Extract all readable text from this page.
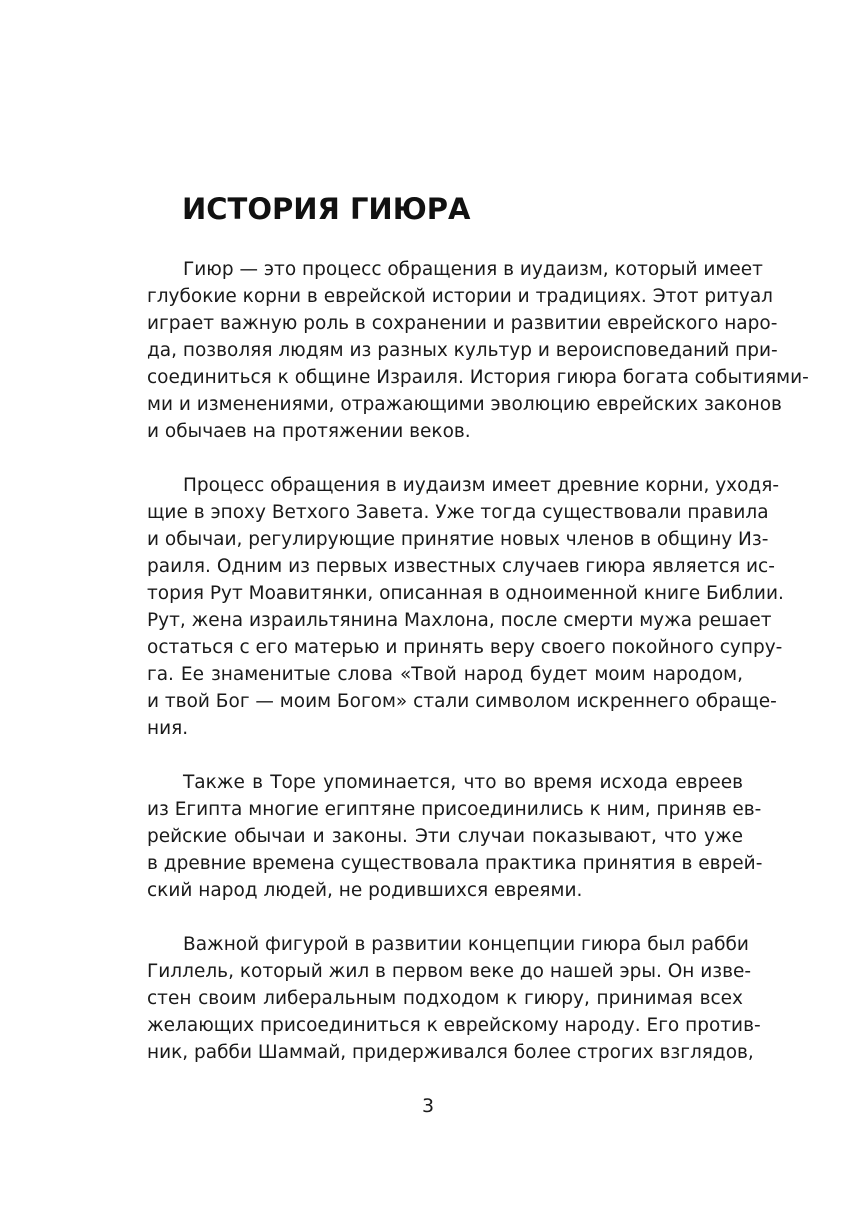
ИСТОРИЯ ГИЮРА
Гиюр — это процесс обращения в иудаизм, который имеет
глубокие корни в еврейской истории и традициях. Этот ритуал
играет важную роль в сохранении и развитии еврейского наро-
да, позволяя людям из разных культур и вероисповеданий при-
соединиться к общине Израиля. История гиюра богата событиями-
ми и изменениями, отражающими эволюцию еврейских законов
и обычаев на протяжении веков.
Процесс обращения в иудаизм имеет древние корни, уходя-
щие в эпоху Ветхого Завета. Уже тогда существовали правила
и обычаи, регулирующие принятие новых членов в общину Из-
раиля. Одним из первых известных случаев гиюра является ис-
тория Рут Моавитянки, описанная в одноименной книге Библии.
Рут, жена израильтянина Махлона, после смерти мужа решает
остаться с его матерью и принять веру своего покойного супру-
га. Ее знаменитые слова «Твой народ будет моим народом,
и твой Бог — моим Богом» стали символом искреннего обраще-
ния.
Также в Торе упоминается, что во время исхода евреев
из Египта многие египтяне присоединились к ним, приняв ев-
рейские обычаи и законы. Эти случаи показывают, что уже
в древние времена существовала практика принятия в еврей-
ский народ людей, не родившихся евреями.
Важной фигурой в развитии концепции гиюра был рабби
Гиллель, который жил в первом веке до нашей эры. Он изве-
стен своим либеральным подходом к гиюру, принимая всех
желающих присоединиться к еврейскому народу. Его против-
ник, рабби Шаммай, придерживался более строгих взглядов,
3
